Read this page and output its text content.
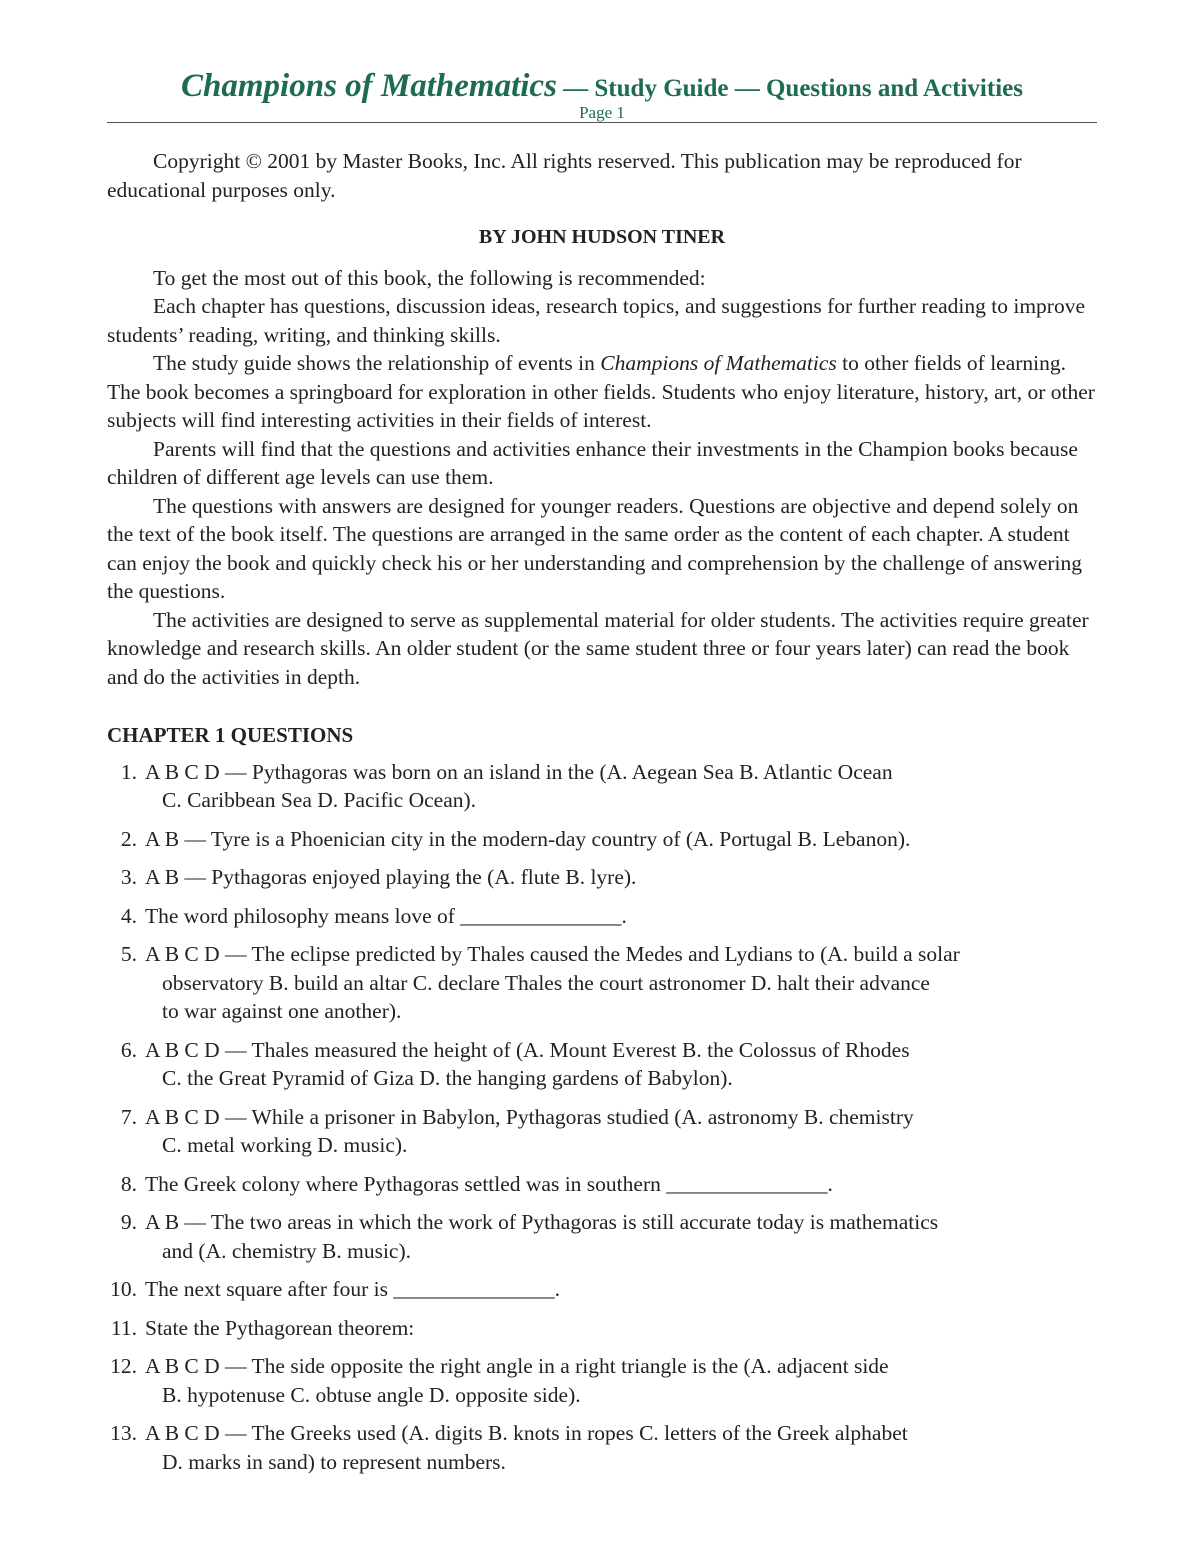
Champions of Mathematics — Study Guide — Questions and Activities
Page 1

Copyright © 2001 by Master Books, Inc. All rights reserved. This publication may be reproduced for educational purposes only.

BY JOHN HUDSON TINER

To get the most out of this book, the following is recommended:

Each chapter has questions, discussion ideas, research topics, and suggestions for further reading to improve students’ reading, writing, and thinking skills.

The study guide shows the relationship of events in Champions of Mathematics to other fields of learning. The book becomes a springboard for exploration in other fields. Students who enjoy literature, history, art, or other subjects will find interesting activities in their fields of interest.

Parents will find that the questions and activities enhance their investments in the Champion books because children of different age levels can use them.

The questions with answers are designed for younger readers. Questions are objective and depend solely on the text of the book itself. The questions are arranged in the same order as the content of each chapter. A student can enjoy the book and quickly check his or her understanding and comprehension by the challenge of answering the questions.

The activities are designed to serve as supplemental material for older students. The activities require greater knowledge and research skills. An older student (or the same student three or four years later) can read the book and do the activities in depth.

CHAPTER 1 QUESTIONS

1. A B C D — Pythagoras was born on an island in the (A. Aegean Sea B. Atlantic Ocean
C. Caribbean Sea D. Pacific Ocean).
2. A B — Tyre is a Phoenician city in the modern-day country of (A. Portugal B. Lebanon).
3. A B — Pythagoras enjoyed playing the (A. flute B. lyre).
4. The word philosophy means love of _______________.
5. A B C D — The eclipse predicted by Thales caused the Medes and Lydians to (A. build a solar
observatory B. build an altar C. declare Thales the court astronomer D. halt their advance
to war against one another).
6. A B C D — Thales measured the height of (A. Mount Everest B. the Colossus of Rhodes
C. the Great Pyramid of Giza D. the hanging gardens of Babylon).
7. A B C D — While a prisoner in Babylon, Pythagoras studied (A. astronomy B. chemistry
C. metal working D. music).
8. The Greek colony where Pythagoras settled was in southern _______________.
9. A B — The two areas in which the work of Pythagoras is still accurate today is mathematics
and (A. chemistry B. music).
10. The next square after four is _______________.
11. State the Pythagorean theorem:
12. A B C D — The side opposite the right angle in a right triangle is the (A. adjacent side
B. hypotenuse C. obtuse angle D. opposite side).
13. A B C D — The Greeks used (A. digits B. knots in ropes C. letters of the Greek alphabet
D. marks in sand) to represent numbers.
